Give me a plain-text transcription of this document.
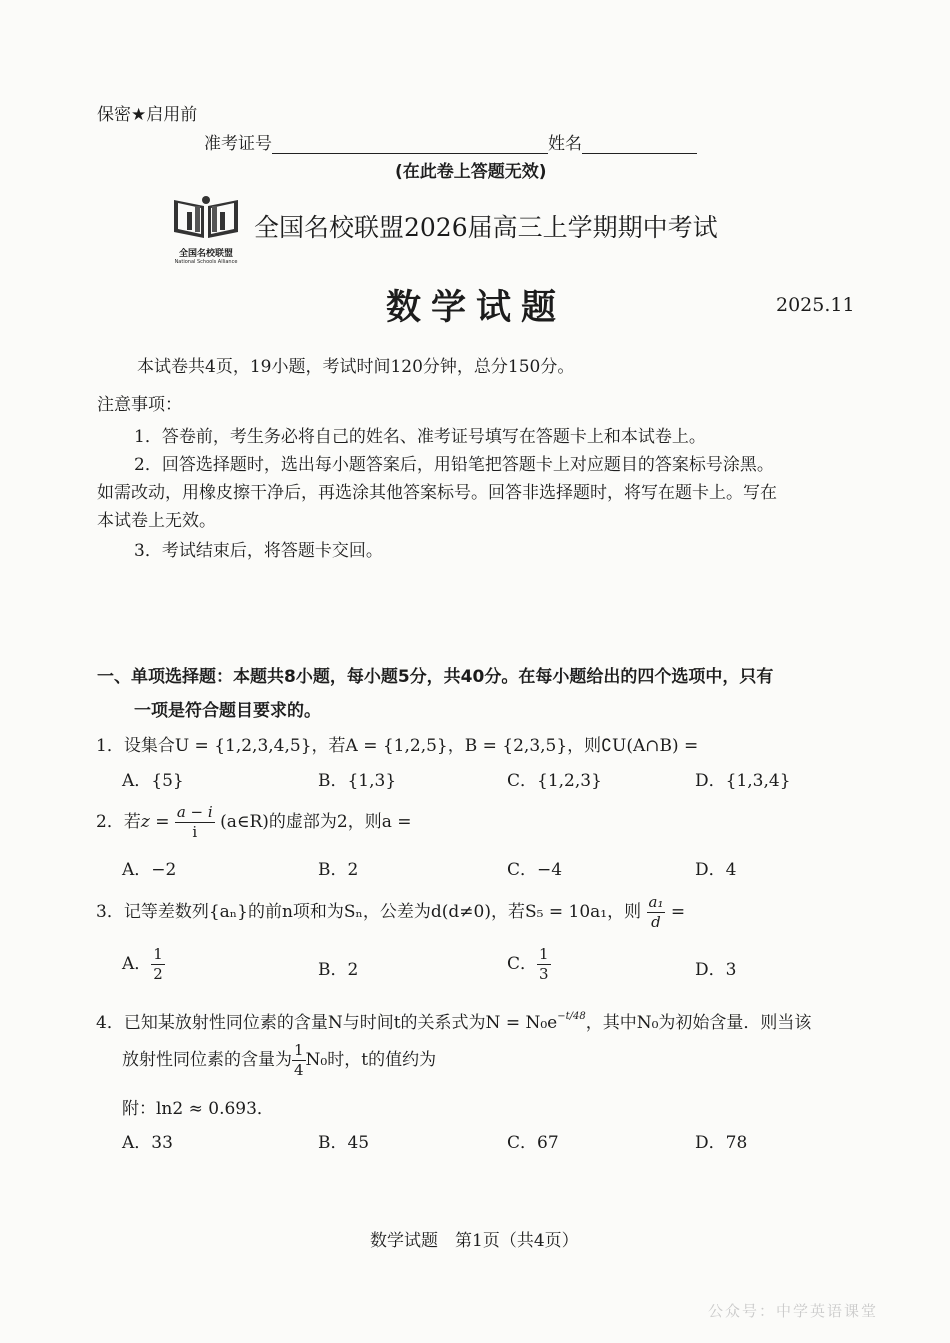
保密★启用前
准考证号	姓名
(在此卷上答题无效)
全国名校联盟
National Schools Alliance
全国名校联盟2026届高三上学期期中考试
数学试题	2025.11
本试卷共4页，19小题，考试时间120分钟，总分150分。
注意事项：
1．答卷前，考生务必将自己的姓名、准考证号填写在答题卡上和本试卷上。
2．回答选择题时，选出每小题答案后，用铅笔把答题卡上对应题目的答案标号涂黑。
如需改动，用橡皮擦干净后，再选涂其他答案标号。回答非选择题时，将写在题卡上。写在
本试卷上无效。
3．考试结束后，将答题卡交回。
一、单项选择题：本题共8小题，每小题5分，共40分。在每小题给出的四个选项中，只有
一项是符合题目要求的。
1．设集合U = {1,2,3,4,5}，若A = {1,2,5}，B = {2,3,5}，则∁U(A∩B) =
A．{5}	B．{1,3}	C．{1,2,3}	D．{1,3,4}
2．若$z = \frac{a - i}{i}$ (a∈R)的虚部为2，则a =
A．−2	B．2	C．−4	D．4
3．记等差数列{aₙ}的前n项和为Sₙ，公差为d(d≠0)，若S₅ = 10a₁，则 $\frac{\text{a₁}}{d}$ =
A． $\frac{1}{2}$	B．2	C． $\frac{1}{3}$	D．3
4．已知某放射性同位素的含量N与时间t的关系式为$N = N_0e^{-t/48}$，其中N₀为初始含量．则当该
放射性同位素的含量为 $\frac{1}{4} N_0$时，t的值约为
附：ln2 ≈ 0.693．
A．33	B．45	C．67	D．78
数学试题　第1页（共4页）
公众号：中学英语课堂
